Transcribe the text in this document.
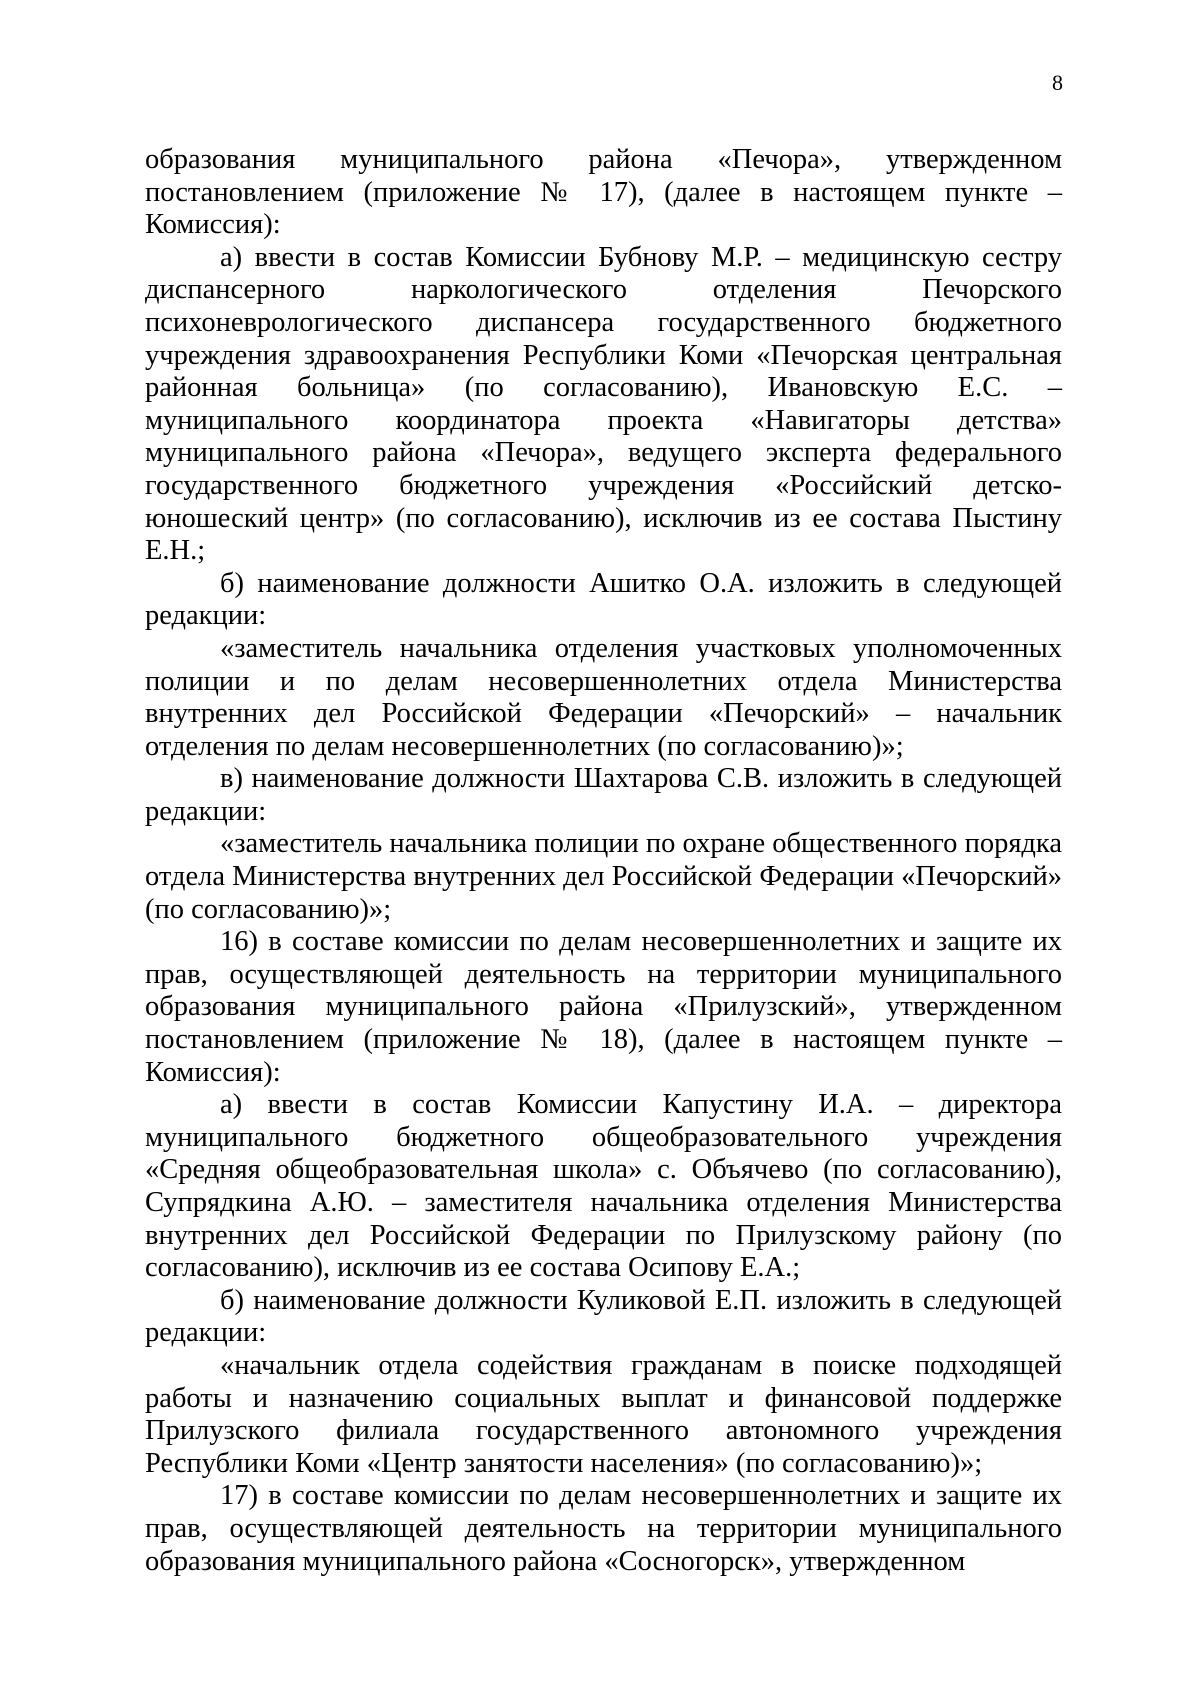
8

образования муниципального района «Печора», утвержденном постановлением (приложение № 17), (далее в настоящем пункте – Комиссия):

а) ввести в состав Комиссии Бубнову М.Р. – медицинскую сестру диспансерного наркологического отделения Печорского психоневрологического диспансера государственного бюджетного учреждения здравоохранения Республики Коми «Печорская центральная районная больница» (по согласованию), Ивановскую Е.С. – муниципального координатора проекта «Навигаторы детства» муниципального района «Печора», ведущего эксперта федерального государственного бюджетного учреждения «Российский детско-юношеский центр» (по согласованию), исключив из ее состава Пыстину Е.Н.;

б) наименование должности Ашитко О.А. изложить в следующей редакции:

«заместитель начальника отделения участковых уполномоченных полиции и по делам несовершеннолетних отдела Министерства внутренних дел Российской Федерации «Печорский» – начальник отделения по делам несовершеннолетних (по согласованию)»;

в) наименование должности Шахтарова С.В. изложить в следующей редакции:

«заместитель начальника полиции по охране общественного порядка отдела Министерства внутренних дел Российской Федерации «Печорский» (по согласованию)»;

16) в составе комиссии по делам несовершеннолетних и защите их прав, осуществляющей деятельность на территории муниципального образования муниципального района «Прилузский», утвержденном постановлением (приложение № 18), (далее в настоящем пункте – Комиссия):

а) ввести в состав Комиссии Капустину И.А. – директора муниципального бюджетного общеобразовательного учреждения «Средняя общеобразовательная школа» с. Объячево (по согласованию), Супрядкина А.Ю. – заместителя начальника отделения Министерства внутренних дел Российской Федерации по Прилузскому району (по согласованию), исключив из ее состава Осипову Е.А.;

б) наименование должности Куликовой Е.П. изложить в следующей редакции:

«начальник отдела содействия гражданам в поиске подходящей работы и назначению социальных выплат и финансовой поддержке Прилузского филиала государственного автономного учреждения Республики Коми «Центр занятости населения» (по согласованию)»;

17) в составе комиссии по делам несовершеннолетних и защите их прав, осуществляющей деятельность на территории муниципального образования муниципального района «Сосногорск», утвержденном
